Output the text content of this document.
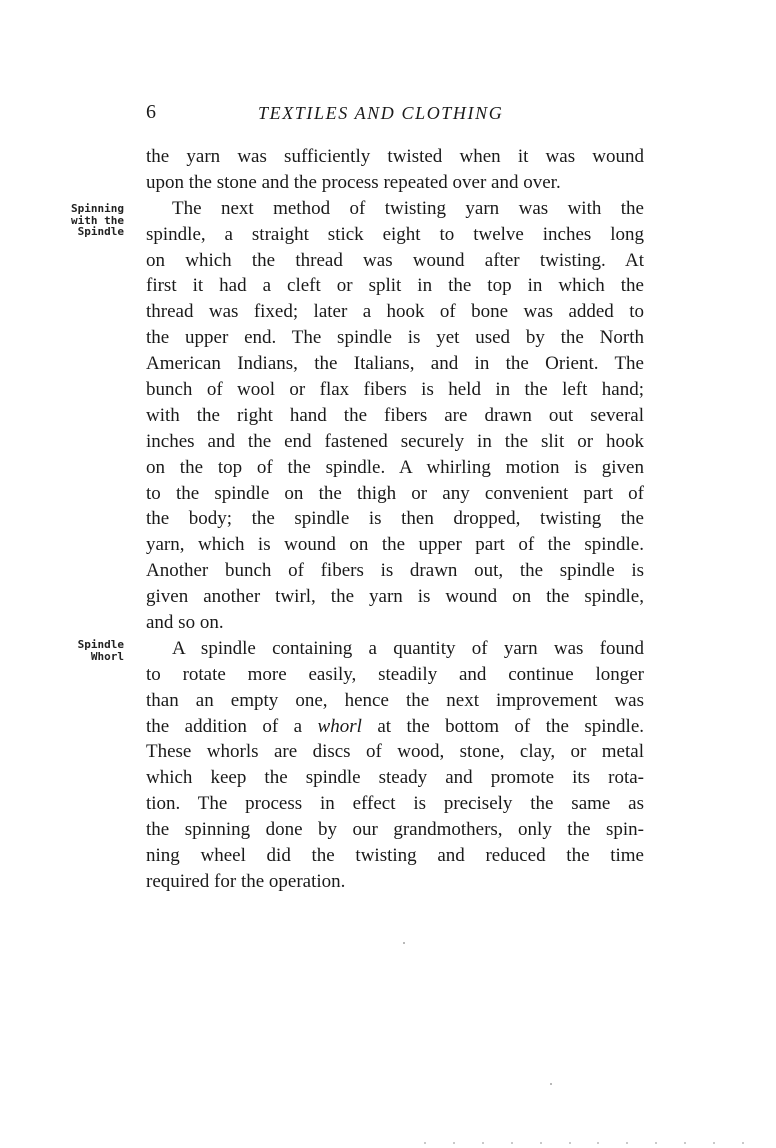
6	TEXTILES AND CLOTHING
Spinning
with the
Spindle
Spindle
Whorl
the yarn was sufficiently twisted when it was wound
upon the stone and the process repeated over and over.
The next method of twisting yarn was with the
spindle, a straight stick eight to twelve inches long
on which the thread was wound after twisting. At
first it had a cleft or split in the top in which the
thread was fixed; later a hook of bone was added to
the upper end. The spindle is yet used by the North
American Indians, the Italians, and in the Orient. The
bunch of wool or flax fibers is held in the left hand;
with the right hand the fibers are drawn out several
inches and the end fastened securely in the slit or hook
on the top of the spindle. A whirling motion is given
to the spindle on the thigh or any convenient part of
the body; the spindle is then dropped, twisting the
yarn, which is wound on the upper part of the spindle.
Another bunch of fibers is drawn out, the spindle is
given another twirl, the yarn is wound on the spindle,
and so on.
A spindle containing a quantity of yarn was found
to rotate more easily, steadily and continue longer
than an empty one, hence the next improvement was
the addition of a whorl at the bottom of the spindle.
These whorls are discs of wood, stone, clay, or metal
which keep the spindle steady and promote its rota-
tion. The process in effect is precisely the same as
the spinning done by our grandmothers, only the spin-
ning wheel did the twisting and reduced the time
required for the operation.
